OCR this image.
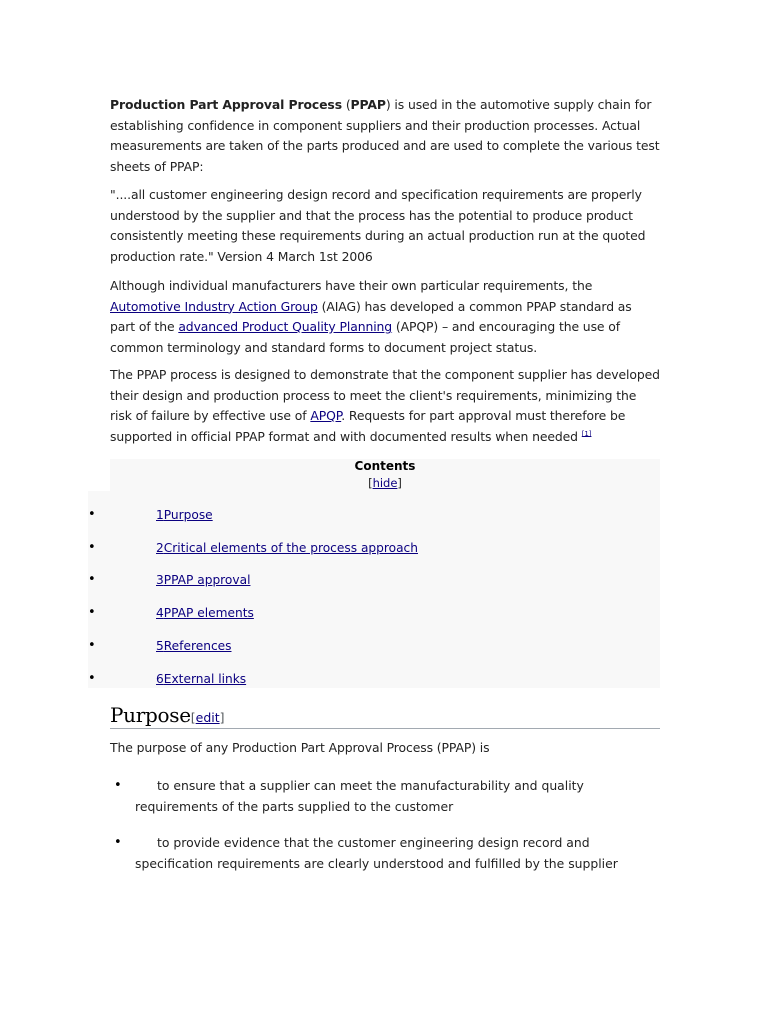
Production Part Approval Process (PPAP) is used in the automotive supply chain for establishing confidence in component suppliers and their production processes. Actual measurements are taken of the parts produced and are used to complete the various test sheets of PPAP:

"....all customer engineering design record and specification requirements are properly understood by the supplier and that the process has the potential to produce product consistently meeting these requirements during an actual production run at the quoted production rate." Version 4 March 1st 2006

Although individual manufacturers have their own particular requirements, the Automotive Industry Action Group (AIAG) has developed a common PPAP standard as part of the advanced Product Quality Planning (APQP) – and encouraging the use of common terminology and standard forms to document project status.

The PPAP process is designed to demonstrate that the component supplier has developed their design and production process to meet the client's requirements, minimizing the risk of failure by effective use of APQP. Requests for part approval must therefore be supported in official PPAP format and with documented results when needed [1]

Contents
[hide]
•	1Purpose
•	2Critical elements of the process approach
•	3PPAP approval
•	4PPAP elements
•	5References
•	6External links
Purpose[edit]

The purpose of any Production Part Approval Process (PPAP) is

•	to ensure that a supplier can meet the manufacturability and quality requirements of the parts supplied to the customer
•	to provide evidence that the customer engineering design record and specification requirements are clearly understood and fulfilled by the supplier
